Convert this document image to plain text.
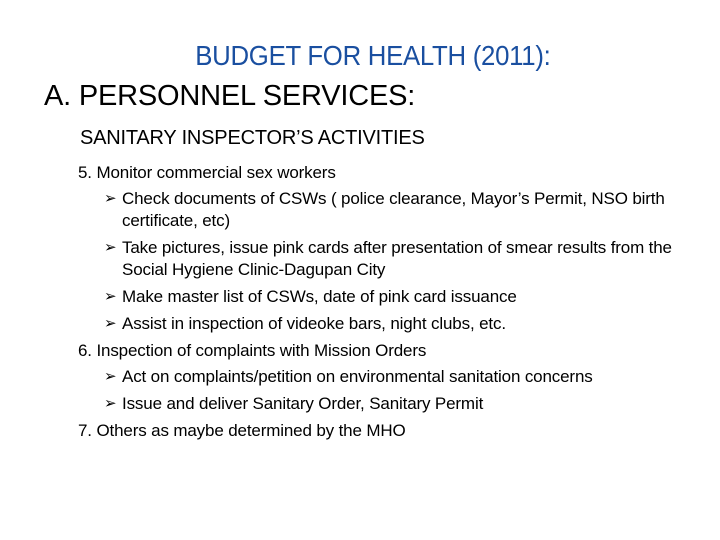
BUDGET FOR HEALTH (2011):
A. PERSONNEL SERVICES:
SANITARY INSPECTOR’S ACTIVITIES
5. Monitor commercial sex workers
➢ Check documents of CSWs ( police clearance, Mayor’s Permit, NSO birth certificate, etc)
➢ Take pictures, issue pink cards after presentation of smear results from the Social Hygiene Clinic-Dagupan City
➢ Make master list of CSWs, date of pink card issuance
➢ Assist in inspection of videoke bars, night clubs, etc.
6. Inspection of complaints with Mission Orders
➢ Act on complaints/petition on environmental sanitation concerns
➢ Issue and deliver Sanitary Order, Sanitary Permit
7. Others as maybe determined by the MHO
